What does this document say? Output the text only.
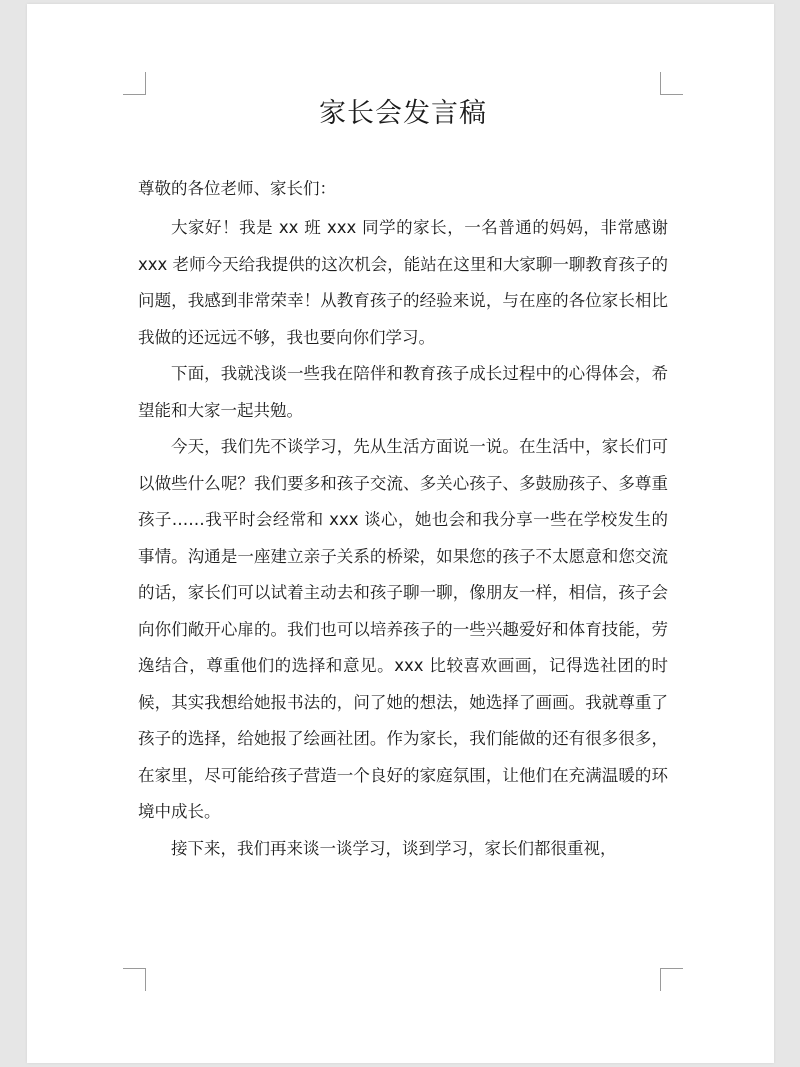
家长会发言稿

尊敬的各位老师、家长们：

大家好！我是 xx 班 xxx 同学的家长，一名普通的妈妈，非常感谢 xxx 老师今天给我提供的这次机会，能站在这里和大家聊一聊教育孩子的问题，我感到非常荣幸！从教育孩子的经验来说，与在座的各位家长相比我做的还远远不够，我也要向你们学习。

下面，我就浅谈一些我在陪伴和教育孩子成长过程中的心得体会，希望能和大家一起共勉。

今天，我们先不谈学习，先从生活方面说一说。在生活中，家长们可以做些什么呢？我们要多和孩子交流、多关心孩子、多鼓励孩子、多尊重孩子……我平时会经常和 xxx 谈心，她也会和我分享一些在学校发生的事情。沟通是一座建立亲子关系的桥梁，如果您的孩子不太愿意和您交流的话，家长们可以试着主动去和孩子聊一聊，像朋友一样，相信，孩子会向你们敞开心扉的。我们也可以培养孩子的一些兴趣爱好和体育技能，劳逸结合，尊重他们的选择和意见。xxx 比较喜欢画画，记得选社团的时候，其实我想给她报书法的，问了她的想法，她选择了画画。我就尊重了孩子的选择，给她报了绘画社团。作为家长，我们能做的还有很多很多，在家里，尽可能给孩子营造一个良好的家庭氛围，让他们在充满温暖的环境中成长。

接下来，我们再来谈一谈学习，谈到学习，家长们都很重视，
